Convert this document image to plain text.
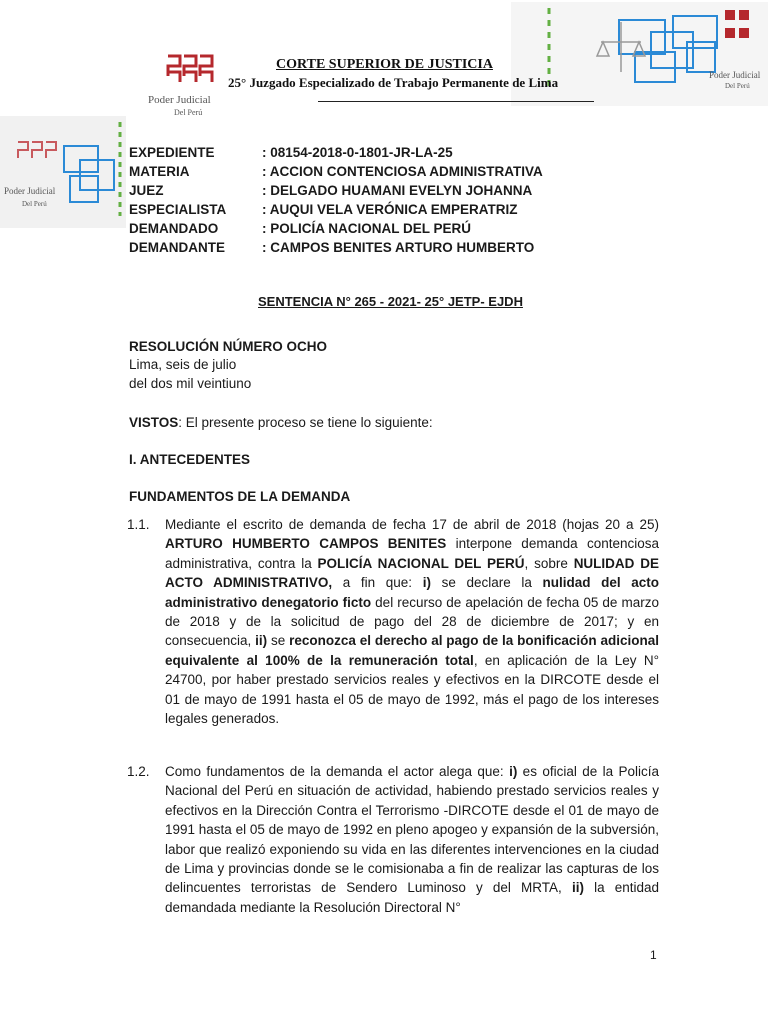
Poder Judicial
Del Perú
Poder Judicial
Del Perú
Poder Judicial
Del Perú
CORTE SUPERIOR DE JUSTICIA
25° Juzgado Especializado de Trabajo Permanente de Lima
EXPEDIENTE	: 08154-2018-0-1801-JR-LA-25
MATERIA	: ACCION CONTENCIOSA ADMINISTRATIVA
JUEZ	: DELGADO HUAMANI EVELYN JOHANNA
ESPECIALISTA	: AUQUI VELA VERÓNICA EMPERATRIZ
DEMANDADO	: POLICÍA NACIONAL DEL PERÚ
DEMANDANTE	: CAMPOS BENITES ARTURO HUMBERTO
SENTENCIA N° 265 - 2021- 25° JETP- EJDH
RESOLUCIÓN NÚMERO OCHO
Lima, seis de julio
del dos mil veintiuno
VISTOS: El presente proceso se tiene lo siguiente:
I. ANTECEDENTES
FUNDAMENTOS DE LA DEMANDA
1.1. Mediante el escrito de demanda de fecha 17 de abril de 2018 (hojas 20 a 25) ARTURO HUMBERTO CAMPOS BENITES interpone demanda contenciosa administrativa, contra la POLICÍA NACIONAL DEL PERÚ, sobre NULIDAD DE ACTO ADMINISTRATIVO, a fin que: i) se declare la nulidad del acto administrativo denegatorio ficto del recurso de apelación de fecha 05 de marzo de 2018 y de la solicitud de pago del 28 de diciembre de 2017; y en consecuencia, ii) se reconozca el derecho al pago de la bonificación adicional equivalente al 100% de la remuneración total, en aplicación de la Ley N° 24700, por haber prestado servicios reales y efectivos en la DIRCOTE desde el 01 de mayo de 1991 hasta el 05 de mayo de 1992, más el pago de los intereses legales generados.
1.2. Como fundamentos de la demanda el actor alega que: i) es oficial de la Policía Nacional del Perú en situación de actividad, habiendo prestado servicios reales y efectivos en la Dirección Contra el Terrorismo -DIRCOTE desde el 01 de mayo de 1991 hasta el 05 de mayo de 1992 en pleno apogeo y expansión de la subversión, labor que realizó exponiendo su vida en las diferentes intervenciones en la ciudad de Lima y provincias donde se le comisionaba a fin de realizar las capturas de los delincuentes terroristas de Sendero Luminoso y del MRTA, ii) la entidad demandada mediante la Resolución Directoral N°
1
